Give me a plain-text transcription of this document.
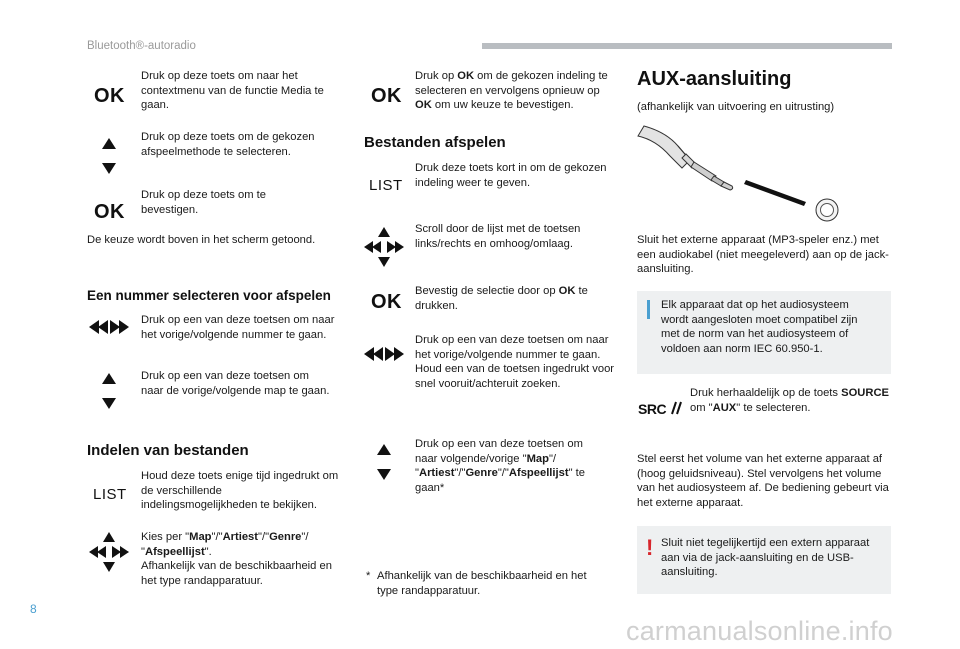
Bluetooth®-autoradio
8
carmanualsonline.info
OK
Druk op deze toets om naar het contextmenu van de functie Media te gaan.
Druk op deze toets om de gekozen afspeelmethode te selecteren.
OK
Druk op deze toets om te bevestigen.
De keuze wordt boven in het scherm getoond.
Een nummer selecteren voor afspelen
Druk op een van deze toetsen om naar het vorige/volgende nummer te gaan.
Druk op een van deze toetsen om naar de vorige/volgende map te gaan.
Indelen van bestanden
LIST
Houd deze toets enige tijd ingedrukt om de verschillende indelingsmogelijkheden te bekijken.
Kies per "Map"/"Artiest"/"Genre"/
"Afspeellijst".
Afhankelijk van de beschikbaarheid en het type randapparatuur.
OK
Druk op OK om de gekozen indeling te selecteren en vervolgens opnieuw op OK om uw keuze te bevestigen.
Bestanden afspelen
LIST
Druk deze toets kort in om de gekozen indeling weer te geven.
Scroll door de lijst met de toetsen links/rechts en omhoog/omlaag.
OK Bevestig de selectie door op OK te drukken.
Druk op een van deze toetsen om naar het vorige/volgende nummer te gaan.
Houd een van de toetsen ingedrukt voor snel vooruit/achteruit zoeken.
Druk op een van deze toetsen om naar volgende/vorige "Map"/
"Artiest"/"Genre"/"Afspeellijst" te gaan*
* Afhankelijk van de beschikbaarheid en het type randapparatuur.
AUX-aansluiting
(afhankelijk van uitvoering en uitrusting)
Sluit het externe apparaat (MP3-speler enz.) met een audiokabel (niet meegeleverd) aan op de jack-aansluiting.
Elk apparaat dat op het audiosysteem wordt aangesloten moet compatibel zijn met de norm van het audiosysteem of voldoen aan norm IEC 60.950-1.
SRC
Druk herhaaldelijk op de toets SOURCE om "AUX" te selecteren.
Stel eerst het volume van het externe apparaat af (hoog geluidsniveau). Stel vervolgens het volume van het audiosysteem af. De bediening gebeurt via het externe apparaat.
! Sluit niet tegelijkertijd een extern apparaat aan via de jack-aansluiting en de USB-aansluiting.
